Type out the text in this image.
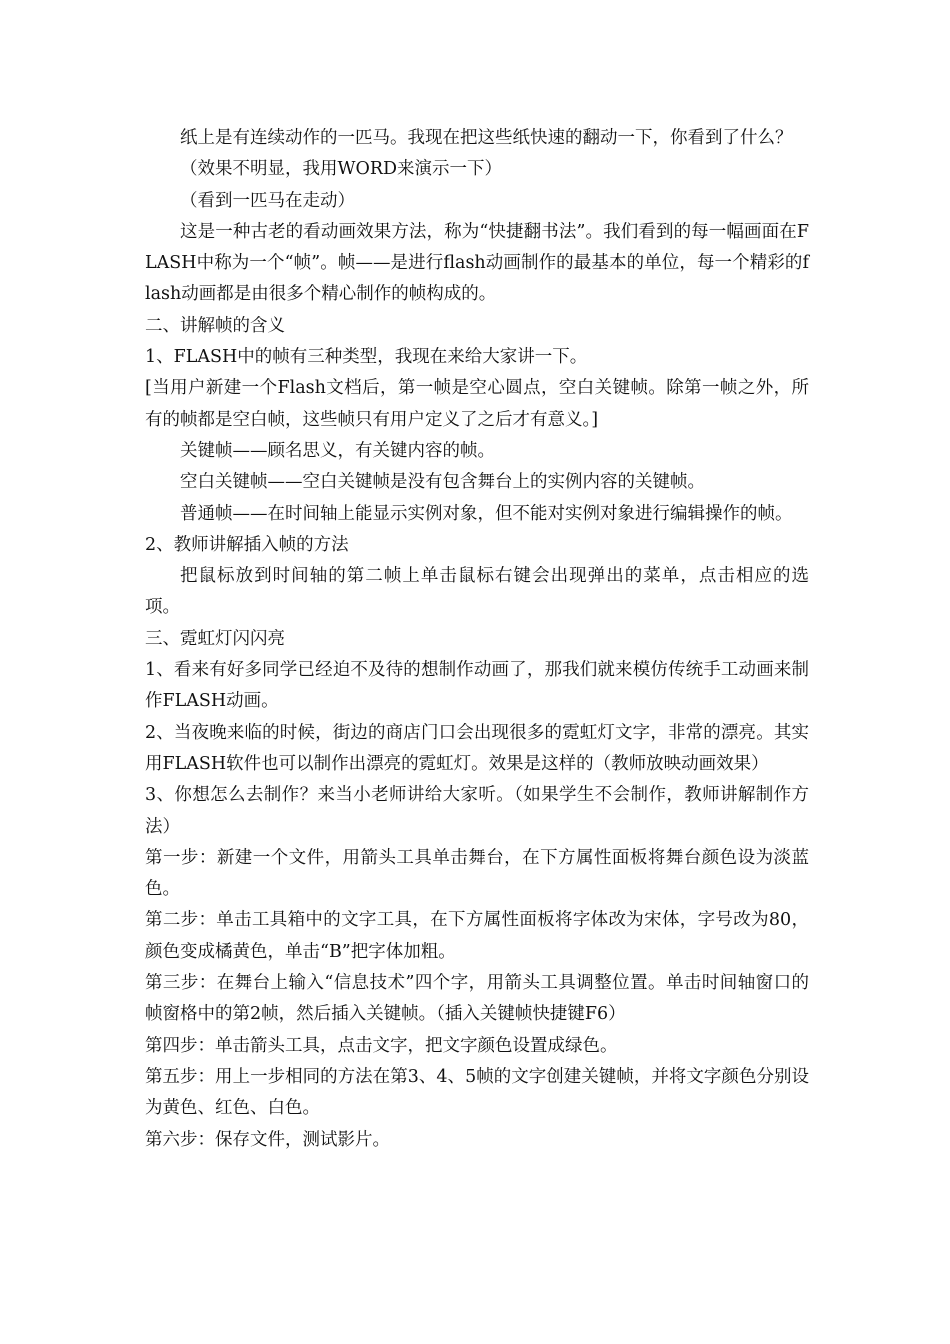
纸上是有连续动作的一匹马。我现在把这些纸快速的翻动一下，你看到了什么？

（效果不明显，我用WORD来演示一下）

（看到一匹马在走动）

这是一种古老的看动画效果方法，称为“快捷翻书法”。我们看到的每一幅画面在FLASH中称为一个“帧”。帧——是进行flash动画制作的最基本的单位，每一个精彩的flash动画都是由很多个精心制作的帧构成的。

二、讲解帧的含义

1、FLASH中的帧有三种类型，我现在来给大家讲一下。

[当用户新建一个Flash文档后，第一帧是空心圆点，空白关键帧。除第一帧之外，所有的帧都是空白帧，这些帧只有用户定义了之后才有意义。]

关键帧——顾名思义，有关键内容的帧。

空白关键帧——空白关键帧是没有包含舞台上的实例内容的关键帧。

普通帧——在时间轴上能显示实例对象，但不能对实例对象进行编辑操作的帧。

2、教师讲解插入帧的方法

把鼠标放到时间轴的第二帧上单击鼠标右键会出现弹出的菜单，点击相应的选项。

三、霓虹灯闪闪亮

1、看来有好多同学已经迫不及待的想制作动画了，那我们就来模仿传统手工动画来制作FLASH动画。

2、当夜晚来临的时候，街边的商店门口会出现很多的霓虹灯文字，非常的漂亮。其实用FLASH软件也可以制作出漂亮的霓虹灯。效果是这样的（教师放映动画效果）

3、你想怎么去制作？来当小老师讲给大家听。（如果学生不会制作，教师讲解制作方法）

第一步：新建一个文件，用箭头工具单击舞台，在下方属性面板将舞台颜色设为淡蓝色。

第二步：单击工具箱中的文字工具，在下方属性面板将字体改为宋体，字号改为80，颜色变成橘黄色，单击“B”把字体加粗。

第三步：在舞台上输入“信息技术”四个字，用箭头工具调整位置。单击时间轴窗口的帧窗格中的第2帧，然后插入关键帧。（插入关键帧快捷键F6）

第四步：单击箭头工具，点击文字，把文字颜色设置成绿色。

第五步：用上一步相同的方法在第3、4、5帧的文字创建关键帧，并将文字颜色分别设为黄色、红色、白色。

第六步：保存文件，测试影片。
